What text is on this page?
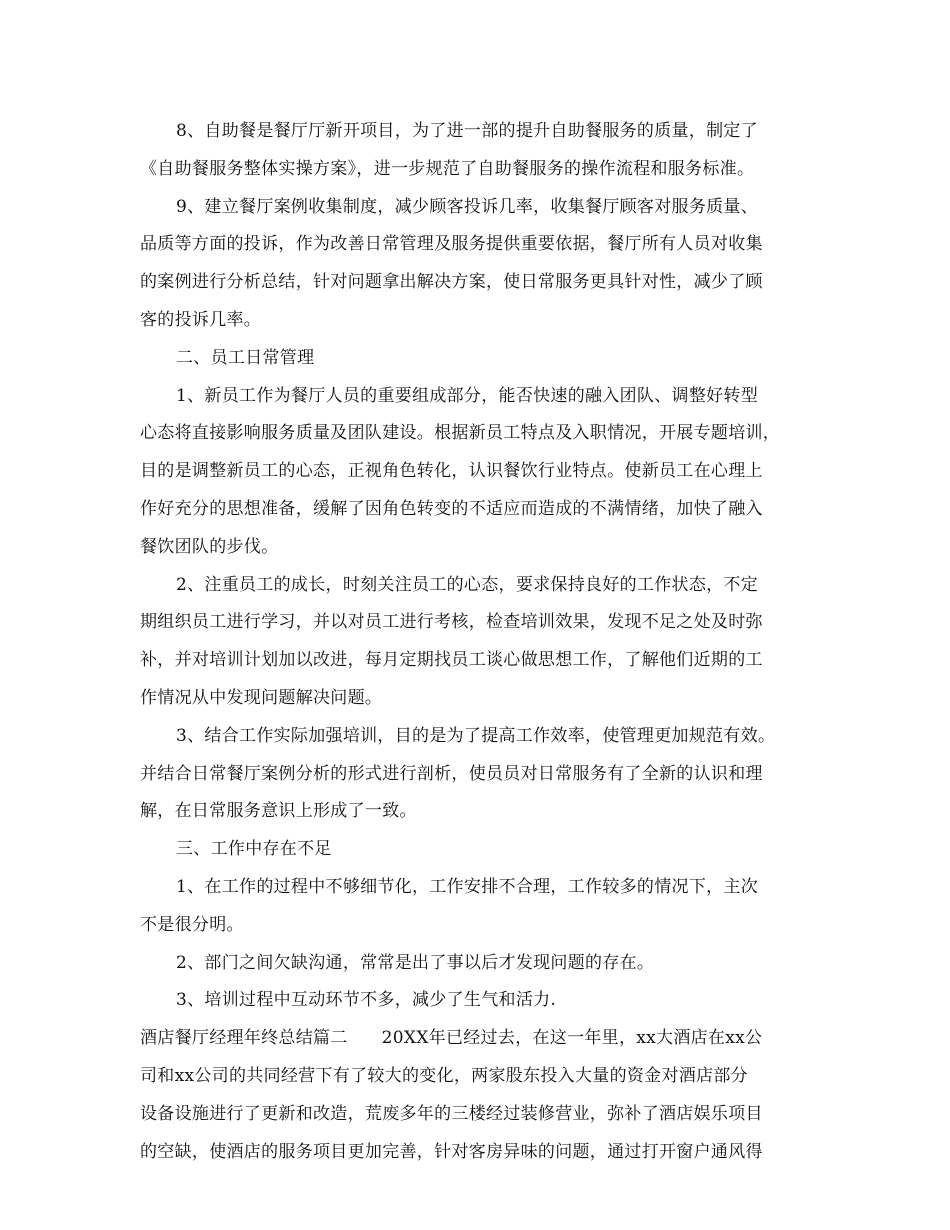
8、自助餐是餐厅厅新开项目，为了进一部的提升自助餐服务的质量，制定了
《自助餐服务整体实操方案》，进一步规范了自助餐服务的操作流程和服务标准。
9、建立餐厅案例收集制度，减少顾客投诉几率，收集餐厅顾客对服务质量、
品质等方面的投诉，作为改善日常管理及服务提供重要依据，餐厅所有人员对收集
的案例进行分析总结，针对问题拿出解决方案，使日常服务更具针对性，减少了顾
客的投诉几率。
二、员工日常管理
1、新员工作为餐厅人员的重要组成部分，能否快速的融入团队、调整好转型
心态将直接影响服务质量及团队建设。根据新员工特点及入职情况，开展专题培训，
目的是调整新员工的心态，正视角色转化，认识餐饮行业特点。使新员工在心理上
作好充分的思想准备，缓解了因角色转变的不适应而造成的不满情绪，加快了融入
餐饮团队的步伐。
2、注重员工的成长，时刻关注员工的心态，要求保持良好的工作状态，不定
期组织员工进行学习，并以对员工进行考核，检查培训效果，发现不足之处及时弥
补，并对培训计划加以改进，每月定期找员工谈心做思想工作，了解他们近期的工
作情况从中发现问题解决问题。
3、结合工作实际加强培训，目的是为了提高工作效率，使管理更加规范有效。
并结合日常餐厅案例分析的形式进行剖析，使员员对日常服务有了全新的认识和理
解，在日常服务意识上形成了一致。
三、工作中存在不足
1、在工作的过程中不够细节化，工作安排不合理，工作较多的情况下，主次
不是很分明。
2、部门之间欠缺沟通，常常是出了事以后才发现问题的存在。
3、培训过程中互动环节不多，减少了生气和活力.
酒店餐厅经理年终总结篇二 20XX年已经过去，在这一年里，xx大酒店在xx公
司和xx公司的共同经营下有了较大的变化，两家股东投入大量的资金对酒店部分
设备设施进行了更新和改造，荒废多年的三楼经过装修营业，弥补了酒店娱乐项目
的空缺，使酒店的服务项目更加完善，针对客房异味的问题，通过打开窗户通风得
